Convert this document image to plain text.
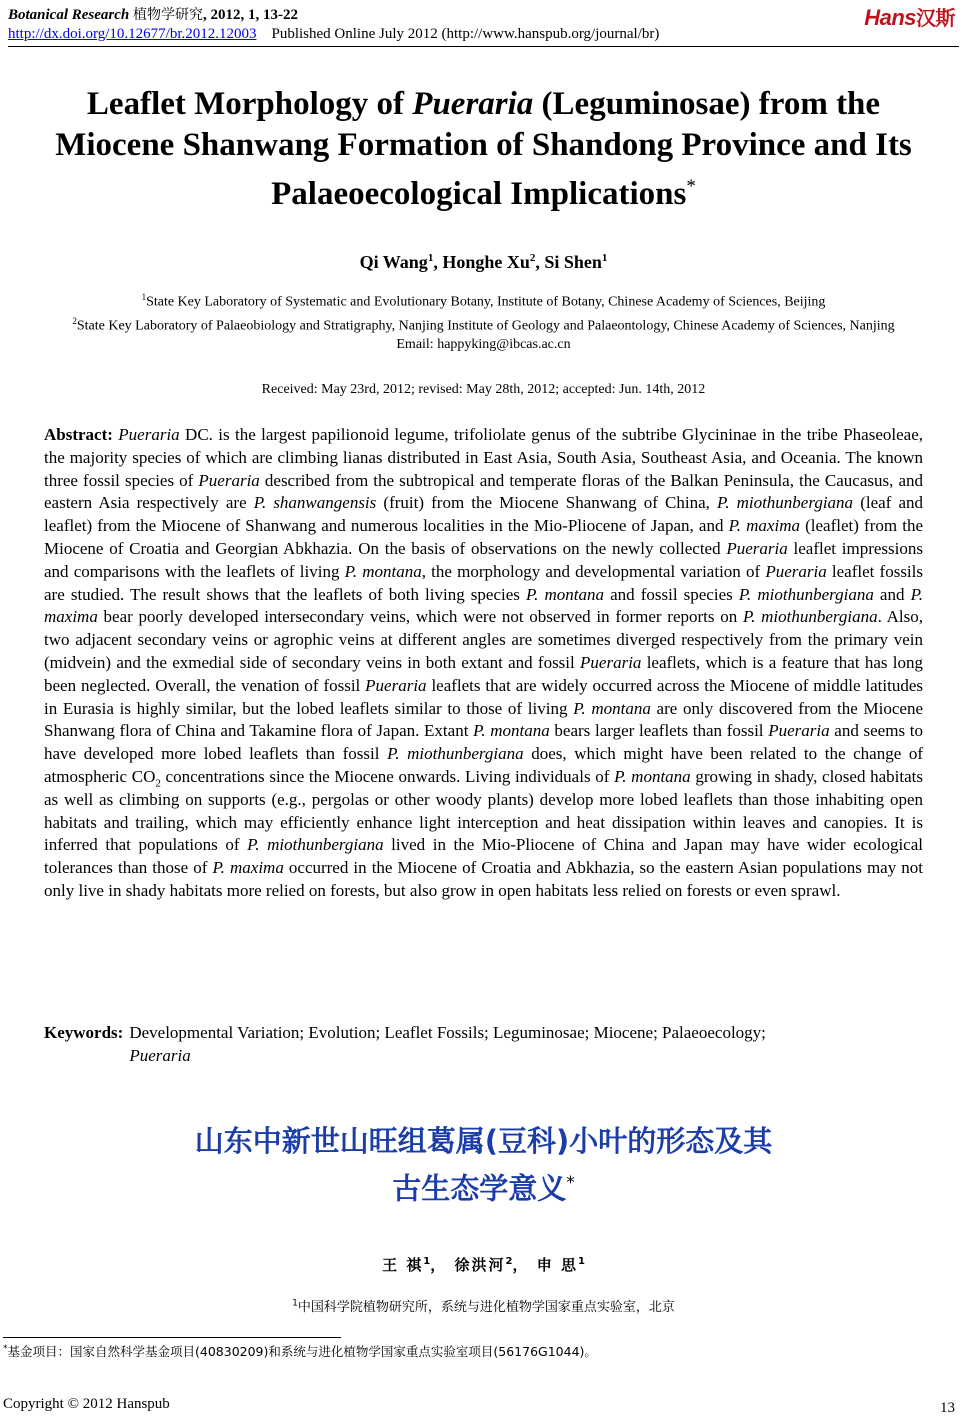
Botanical Research 植物学研究, 2012, 1, 13-22
http://dx.doi.org/10.12677/br.2012.12003 Published Online July 2012 (http://www.hanspub.org/journal/br)
Hans汉斯
Leaflet Morphology of Pueraria (Leguminosae) from the Miocene Shanwang Formation of Shandong Province and Its Palaeoecological Implications*
Qi Wang$^1$, Honghe Xu$^2$, Si Shen$^1$
$^1$State Key Laboratory of Systematic and Evolutionary Botany, Institute of Botany, Chinese Academy of Sciences, Beijing
$^2$State Key Laboratory of Palaeobiology and Stratigraphy, Nanjing Institute of Geology and Palaeontology, Chinese Academy of Sciences, Nanjing
Email: happyking@ibcas.ac.cn
Received: May 23rd, 2012; revised: May 28th, 2012; accepted: Jun. 14th, 2012
Abstract: Pueraria DC. is the largest papilionoid legume, trifoliolate genus of the subtribe Glycininae in the tribe Phaseoleae, the majority species of which are climbing lianas distributed in East Asia, South Asia, Southeast Asia, and Oceania. The known three fossil species of Pueraria described from the subtropical and temperate floras of the Balkan Peninsula, the Caucasus, and eastern Asia respectively are P. shanwangensis (fruit) from the Miocene Shanwang of China, P. miothunbergiana (leaf and leaflet) from the Miocene of Shanwang and numerous localities in the Mio-Pliocene of Japan, and P. maxima (leaflet) from the Miocene of Croatia and Georgian Abkhazia. On the basis of observations on the newly collected Pueraria leaflet impressions and comparisons with the leaflets of living P. montana, the morphology and developmental variation of Pueraria leaflet fossils are studied. The result shows that the leaflets of both living species P. montana and fossil species P. miothunbergiana and P. maxima bear poorly developed intersecondary veins, which were not observed in former reports on P. miothunbergiana. Also, two adjacent secondary veins or agrophic veins at different angles are sometimes diverged respectively from the primary vein (midvein) and the exmedial side of secondary veins in both extant and fossil Pueraria leaflets, which is a feature that has long been neglected. Overall, the venation of fossil Pueraria leaflets that are widely occurred across the Miocene of middle latitudes in Eurasia is highly similar, but the lobed leaflets similar to those of living P. montana are only discovered from the Miocene Shanwang flora of China and Takamine flora of Japan. Extant P. montana bears larger leaflets than fossil Pueraria and seems to have developed more lobed leaflets than fossil P. miothunbergiana does, which might have been related to the change of atmospheric $CO_2$ concentrations since the Miocene onwards. Living individuals of P. montana growing in shady, closed habitats as well as climbing on supports (e.g., pergolas or other woody plants) develop more lobed leaflets than those inhabiting open habitats and trailing, which may efficiently enhance light interception and heat dissipation within leaves and canopies. It is inferred that populations of P. miothunbergiana lived in the Mio-Pliocene of China and Japan may have wider ecological tolerances than those of P. maxima occurred in the Miocene of Croatia and Abkhazia, so the eastern Asian populations may not only live in shady habitats more relied on forests, but also grow in open habitats less relied on forests or even sprawl.
Keywords: Developmental Variation; Evolution; Leaflet Fossils; Leguminosae; Miocene; Palaeoecology;
Pueraria
山东中新世山旺组葛属(豆科)小叶的形态及其
古生态学意义*
王 祺$^1$， 徐洪河$^2$， 申 思$^1$
$^1$中国科学院植物研究所，系统与进化植物学国家重点实验室，北京
*基金项目：国家自然科学基金项目(40830209)和系统与进化植物学国家重点实验室项目(56176G1044)。
Copyright © 2012 Hanspub	13
